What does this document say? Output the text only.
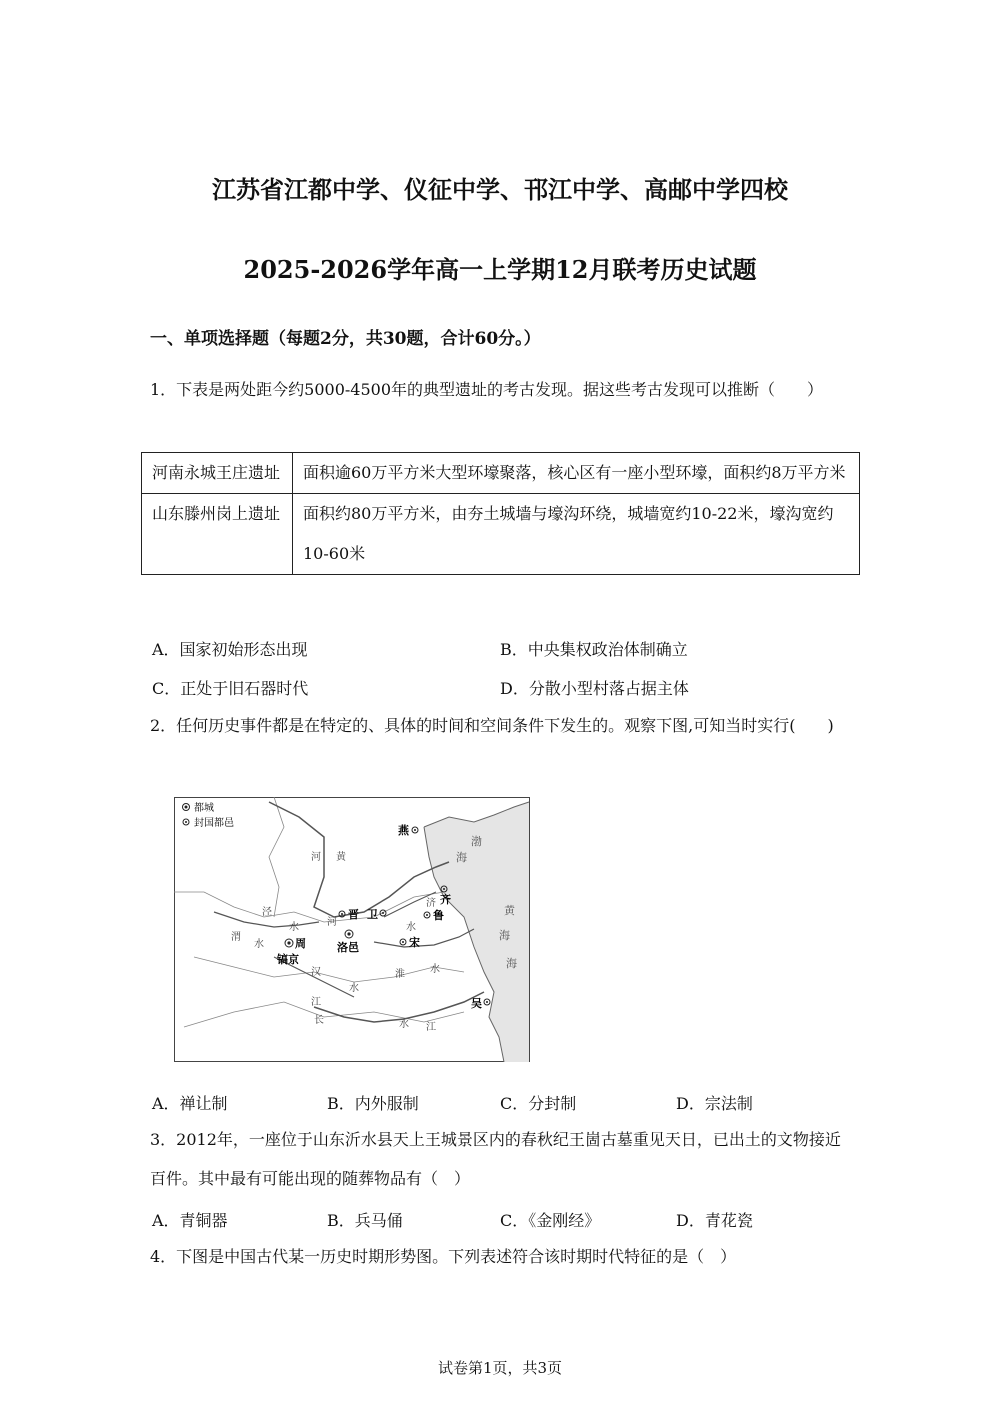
江苏省江都中学、仪征中学、邗江中学、高邮中学四校
2025-2026学年高一上学期12月联考历史试题
一、单项选择题（每题2分，共30题，合计60分。）
1．下表是两处距今约5000-4500年的典型遗址的考古发现。据这些考古发现可以推断（　　）
河南永城王庄遗址	面积逾60万平方米大型环壕聚落，核心区有一座小型环壕，面积约8万平方米
山东滕州岗上遗址	面积约80万平方米，由夯土城墙与壕沟环绕，城墙宽约10-22米，壕沟宽约10-60米
A．国家初始形态出现	B．中央集权政治体制确立
C．正处于旧石器时代	D．分散小型村落占据主体
2．任何历史事件都是在特定的、具体的时间和空间条件下发生的。观察下图,可知当时实行(　　)
都城
封国都邑
燕
齐
鲁
晋 卫
宋
周
镐京
洛邑
吴
河 黄
泾
水
渭
水
河
济
水
汉
水
淮	水
江
长	水 江
渤
海
黄
海
海
A．禅让制	B．内外服制	C．分封制	D．宗法制
3．2012年，一座位于山东沂水县天上王城景区内的春秋纪王崮古墓重见天日，已出土的文物接近百件。其中最有可能出现的随葬物品有（　）
A．青铜器	B．兵马俑	C．《金刚经》	D．青花瓷
4．下图是中国古代某一历史时期形势图。下列表述符合该时期时代特征的是（　）
试卷第1页，共3页
